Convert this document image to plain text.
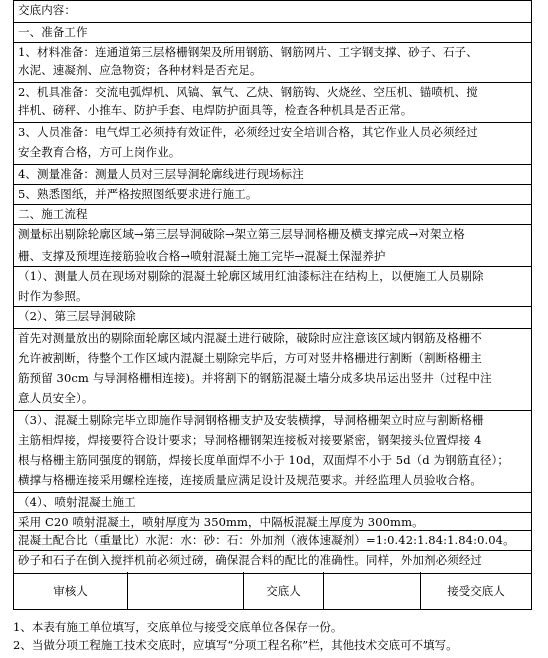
交底内容：
一、准备工作
1、材料准备：连通道第三层格栅钢架及所用钢筋、钢筋网片、工字钢支撑、砂子、石子、
水泥、速凝剂、应急物资；各种材料是否充足。
2、机具准备：交流电弧焊机、风镐、氧气、乙炔、钢筋钩、火烧丝、空压机、锚喷机、搅
拌机、磅秤、小推车、防护手套、电焊防护面具等，检查各种机具是否正常。
3、人员准备：电气焊工必须持有效证件，必须经过安全培训合格，其它作业人员必须经过
安全教育合格，方可上岗作业。
4、测量准备：测量人员对三层导洞轮廓线进行现场标注
5、熟悉图纸，并严格按照图纸要求进行施工。
二、施工流程
测量标出剔除轮廓区域→第三层导洞破除→架立第三层导洞格栅及横支撑完成→对架立格
栅、支撑及预埋连接筋验收合格→喷射混凝土施工完毕→混凝土保湿养护
（1）、测量人员在现场对剔除的混凝土轮廓区域用红油漆标注在结构上，以便施工人员剔除
时作为参照。
（2）、第三层导洞破除
首先对测量放出的剔除面轮廓区域内混凝土进行破除，破除时应注意该区域内钢筋及格栅不
允许被割断，待整个工作区域内混凝土剔除完毕后，方可对竖井格栅进行割断（割断格栅主
筋预留 30cm 与导洞格栅相连接)。并将割下的钢筋混凝土墙分成多块吊运出竖井（过程中注
意人员安全）。
（3）、混凝土剔除完毕立即施作导洞钢格栅支护及安装横撑，导洞格栅架立时应与割断格栅
主筋相焊接，焊接要符合设计要求；导洞格栅钢架连接板对接要紧密，钢架接头位置焊接 4
根与格栅主筋同强度的钢筋，焊接长度单面焊不小于 10d，双面焊不小于 5d（d 为钢筋直径）；
横撑与格栅连接采用螺栓连接，连接质量应满足设计及规范要求。并经监理人员验收合格。
（4）、喷射混凝土施工
采用 C20 喷射混凝土，喷射厚度为 350mm，中隔板混凝土厚度为 300mm。
混凝土配合比（重量比）水泥：水：砂：石：外加剂（液体速凝剂）=1:0.42:1.84:1.84:0.04。
砂子和石子在倒入搅拌机前必须过磅，确保混合料的配比的准确性。同样，外加剂必须经过
审核人	交底人	接受交底人
1、本表有施工单位填写，交底单位与接受交底单位各保存一份。
2、当做分项工程施工技术交底时，应填写“分项工程名称”栏，其他技术交底可不填写。
